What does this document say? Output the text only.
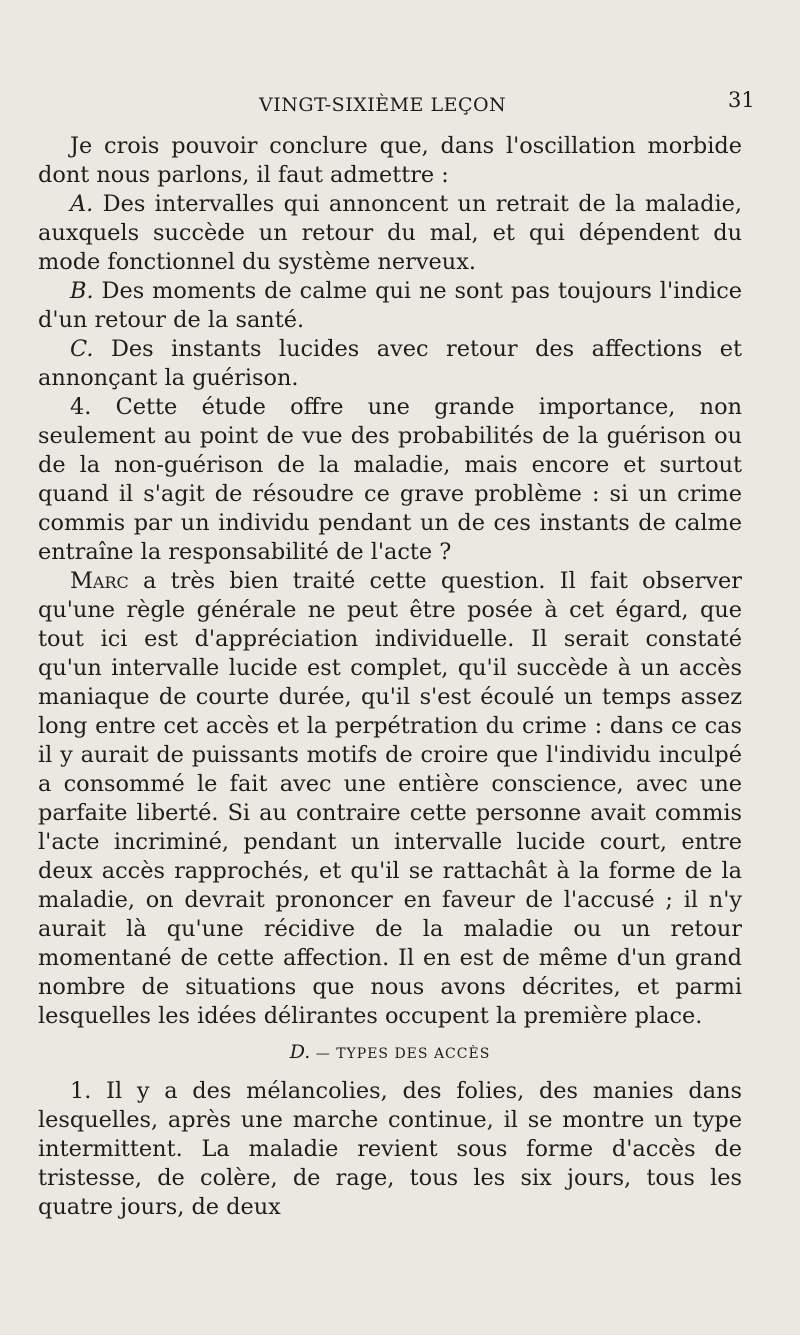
VINGT-SIXIÈME LEÇON	31

Je crois pouvoir conclure que, dans l'oscillation morbide dont nous parlons, il faut admettre :

A. Des intervalles qui annoncent un retrait de la maladie, auxquels succède un retour du mal, et qui dépendent du mode fonctionnel du système nerveux.

B. Des moments de calme qui ne sont pas toujours l'indice d'un retour de la santé.

C. Des instants lucides avec retour des affections et annonçant la guérison.

4. Cette étude offre une grande importance, non seulement au point de vue des probabilités de la guérison ou de la non-guérison de la maladie, mais encore et surtout quand il s'agit de résoudre ce grave problème : si un crime commis par un individu pendant un de ces instants de calme entraîne la responsabilité de l'acte ?

Marc a très bien traité cette question. Il fait observer qu'une règle générale ne peut être posée à cet égard, que tout ici est d'appréciation individuelle. Il serait constaté qu'un intervalle lucide est complet, qu'il succède à un accès maniaque de courte durée, qu'il s'est écoulé un temps assez long entre cet accès et la perpétration du crime : dans ce cas il y aurait de puissants motifs de croire que l'individu inculpé a consommé le fait avec une entière conscience, avec une parfaite liberté. Si au contraire cette personne avait commis l'acte incriminé, pendant un intervalle lucide court, entre deux accès rapprochés, et qu'il se rattachât à la forme de la maladie, on devrait prononcer en faveur de l'accusé ; il n'y aurait là qu'une récidive de la maladie ou un retour momentané de cette affection. Il en est de même d'un grand nombre de situations que nous avons décrites, et parmi lesquelles les idées délirantes occupent la première place.

D. — TYPES DES ACCÈS

1. Il y a des mélancolies, des folies, des manies dans lesquelles, après une marche continue, il se montre un type intermittent. La maladie revient sous forme d'accès de tristesse, de colère, de rage, tous les six jours, tous les quatre jours, de deux
